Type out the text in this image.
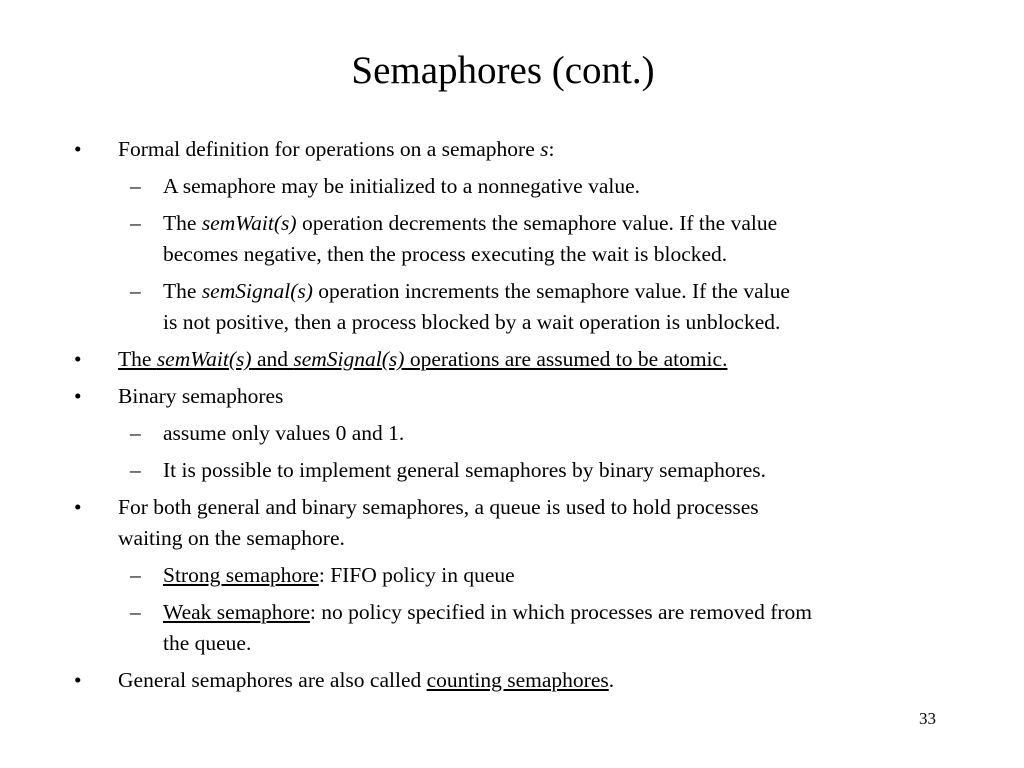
Semaphores (cont.)
• Formal definition for operations on a semaphore s:
– A semaphore may be initialized to a nonnegative value.
– The semWait(s) operation decrements the semaphore value. If the value
becomes negative, then the process executing the wait is blocked.
– The semSignal(s) operation increments the semaphore value. If the value
is not positive, then a process blocked by a wait operation is unblocked.
• The semWait(s) and semSignal(s) operations are assumed to be atomic.
• Binary semaphores
– assume only values 0 and 1.
– It is possible to implement general semaphores by binary semaphores.
• For both general and binary semaphores, a queue is used to hold processes
waiting on the semaphore.
– Strong semaphore: FIFO policy in queue
– Weak semaphore: no policy specified in which processes are removed from
the queue.
• General semaphores are also called counting semaphores.
33
